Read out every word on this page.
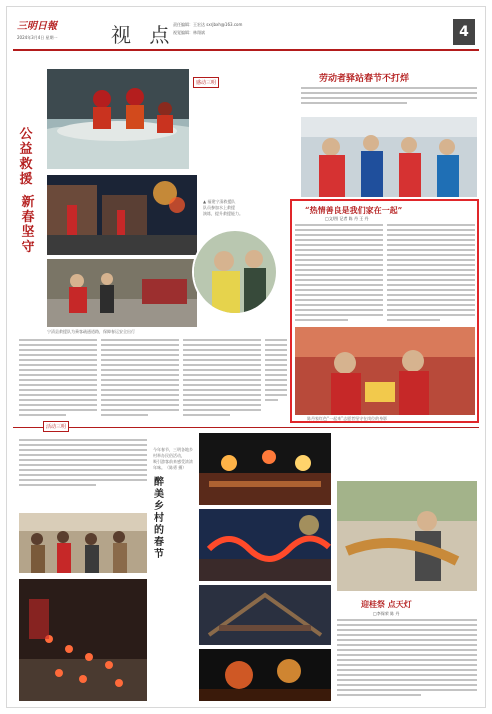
三明日報
2024年3月4日 星期一	视 点
责任编辑：王宏达 sxrjbxh@163.com
视觉编辑：林翔斌	4
公益救援
新春坚守
感动三明
▲ 福建宁清救援队
队员参加水上救援
演练，提升救援能力。
宁清县救援队为乘客疏通道路，保障春运安全出行
劳动者驿站春节不打烊
“热情善良是我们家在一起”
□文/图 记者 陈 丹 王 丹
陈丹家红色“一起来”志愿者坚守在岗位的身影
活动三明
醉美乡村的春节
今年春节，三明各地乡村举办民俗活动，
吸引游客前来感受浓浓年味。（陈勇 摄）
迎桂祭 点天灯
□李保荣 陈 丹
